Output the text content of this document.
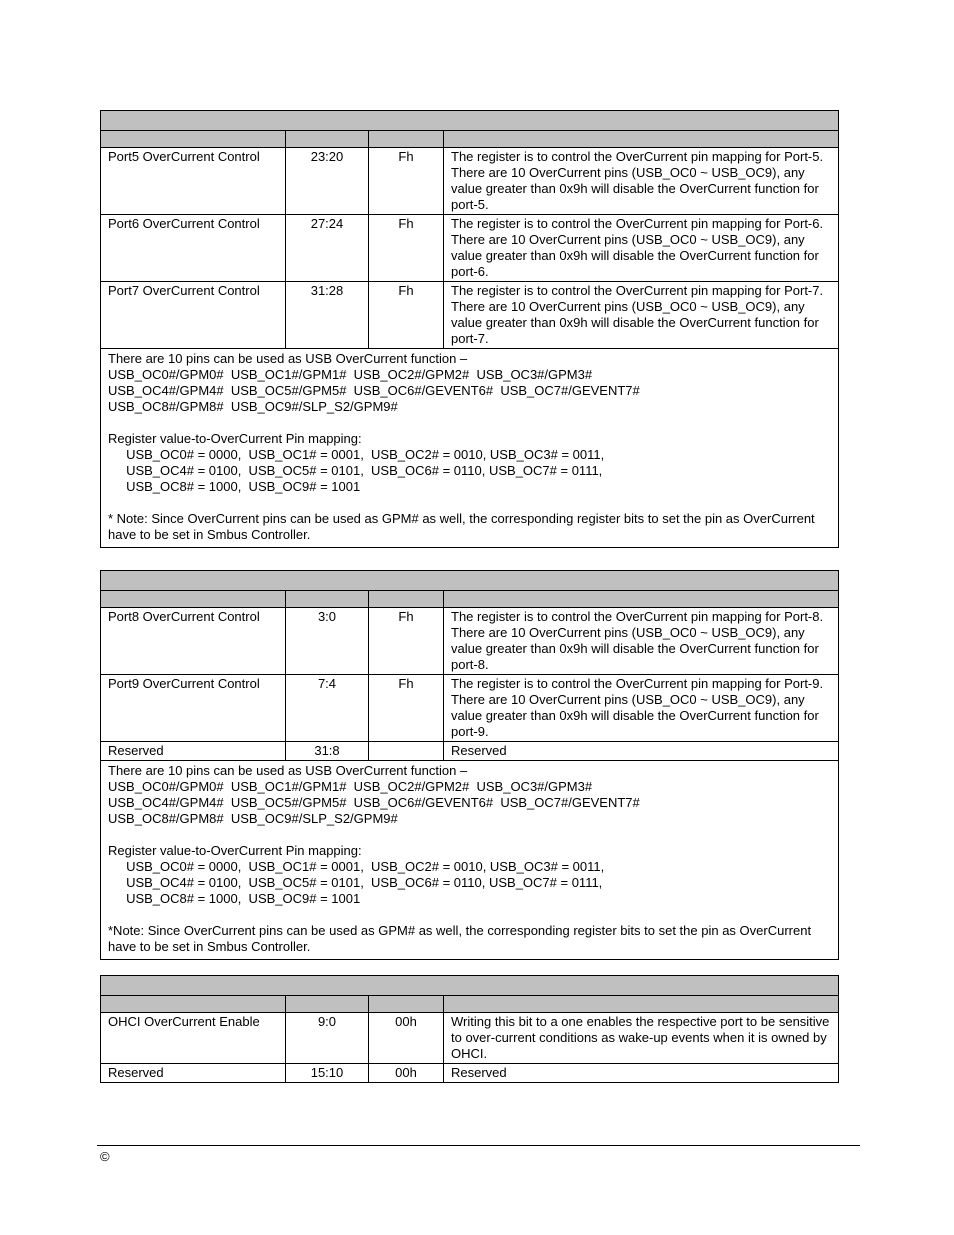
Port5 OverCurrent Control	23:20	Fh	The register is to control the OverCurrent pin mapping for Port-5. There are 10 OverCurrent pins (USB_OC0 ~ USB_OC9), any value greater than 0x9h will disable the OverCurrent function for port-5.
Port6 OverCurrent Control	27:24	Fh	The register is to control the OverCurrent pin mapping for Port-6. There are 10 OverCurrent pins (USB_OC0 ~ USB_OC9), any value greater than 0x9h will disable the OverCurrent function for port-6.
Port7 OverCurrent Control	31:28	Fh	The register is to control the OverCurrent pin mapping for Port-7. There are 10 OverCurrent pins (USB_OC0 ~ USB_OC9), any value greater than 0x9h will disable the OverCurrent function for port-7.

There are 10 pins can be used as USB OverCurrent function –
USB_OC0#/GPM0#  USB_OC1#/GPM1#  USB_OC2#/GPM2#  USB_OC3#/GPM3#
USB_OC4#/GPM4#  USB_OC5#/GPM5#  USB_OC6#/GEVENT6#  USB_OC7#/GEVENT7#
USB_OC8#/GPM8#  USB_OC9#/SLP_S2/GPM9#
Register value-to-OverCurrent Pin mapping:
USB_OC0# = 0000,  USB_OC1# = 0001,  USB_OC2# = 0010, USB_OC3# = 0011,
USB_OC4# = 0100,  USB_OC5# = 0101,  USB_OC6# = 0110, USB_OC7# = 0111,
USB_OC8# = 1000,  USB_OC9# = 1001
* Note: Since OverCurrent pins can be used as GPM# as well, the corresponding register bits to set the pin as OverCurrent have to be set in Smbus Controller.

Port8 OverCurrent Control	3:0	Fh	The register is to control the OverCurrent pin mapping for Port-8. There are 10 OverCurrent pins (USB_OC0 ~ USB_OC9), any value greater than 0x9h will disable the OverCurrent function for port-8.
Port9 OverCurrent Control	7:4	Fh	The register is to control the OverCurrent pin mapping for Port-9. There are 10 OverCurrent pins (USB_OC0 ~ USB_OC9), any value greater than 0x9h will disable the OverCurrent function for port-9.
Reserved	31:8		Reserved

There are 10 pins can be used as USB OverCurrent function –
USB_OC0#/GPM0#  USB_OC1#/GPM1#  USB_OC2#/GPM2#  USB_OC3#/GPM3#
USB_OC4#/GPM4#  USB_OC5#/GPM5#  USB_OC6#/GEVENT6#  USB_OC7#/GEVENT7#
USB_OC8#/GPM8#  USB_OC9#/SLP_S2/GPM9#
Register value-to-OverCurrent Pin mapping:
USB_OC0# = 0000,  USB_OC1# = 0001,  USB_OC2# = 0010, USB_OC3# = 0011,
USB_OC4# = 0100,  USB_OC5# = 0101,  USB_OC6# = 0110, USB_OC7# = 0111,
USB_OC8# = 1000,  USB_OC9# = 1001
*Note: Since OverCurrent pins can be used as GPM# as well, the corresponding register bits to set the pin as OverCurrent have to be set in Smbus Controller.

OHCI OverCurrent Enable	9:0	00h	Writing this bit to a one enables the respective port to be sensitive to over-current conditions as wake-up events when it is owned by OHCI.
Reserved	15:10	00h	Reserved
©
